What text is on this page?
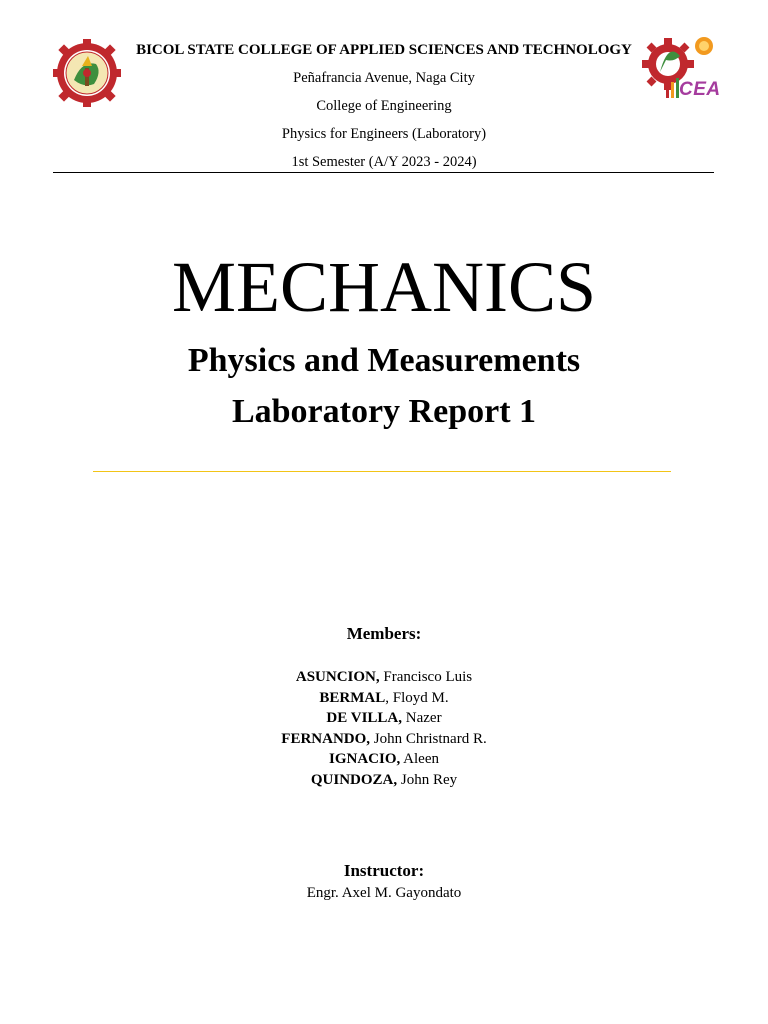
BICOL STATE COLLEGE OF APPLIED SCIENCES AND TECHNOLOGY
Peñafrancia Avenue, Naga City
College of Engineering
Physics for Engineers (Laboratory)
1st Semester (A/Y 2023 - 2024)
CEA
MECHANICS
Physics and Measurements
Laboratory Report 1
Members:
ASUNCION, Francisco Luis
BERMAL, Floyd M.
DE VILLA, Nazer
FERNANDO, John Christnard R.
IGNACIO, Aleen
QUINDOZA, John Rey
Instructor:
Engr. Axel M. Gayondato
